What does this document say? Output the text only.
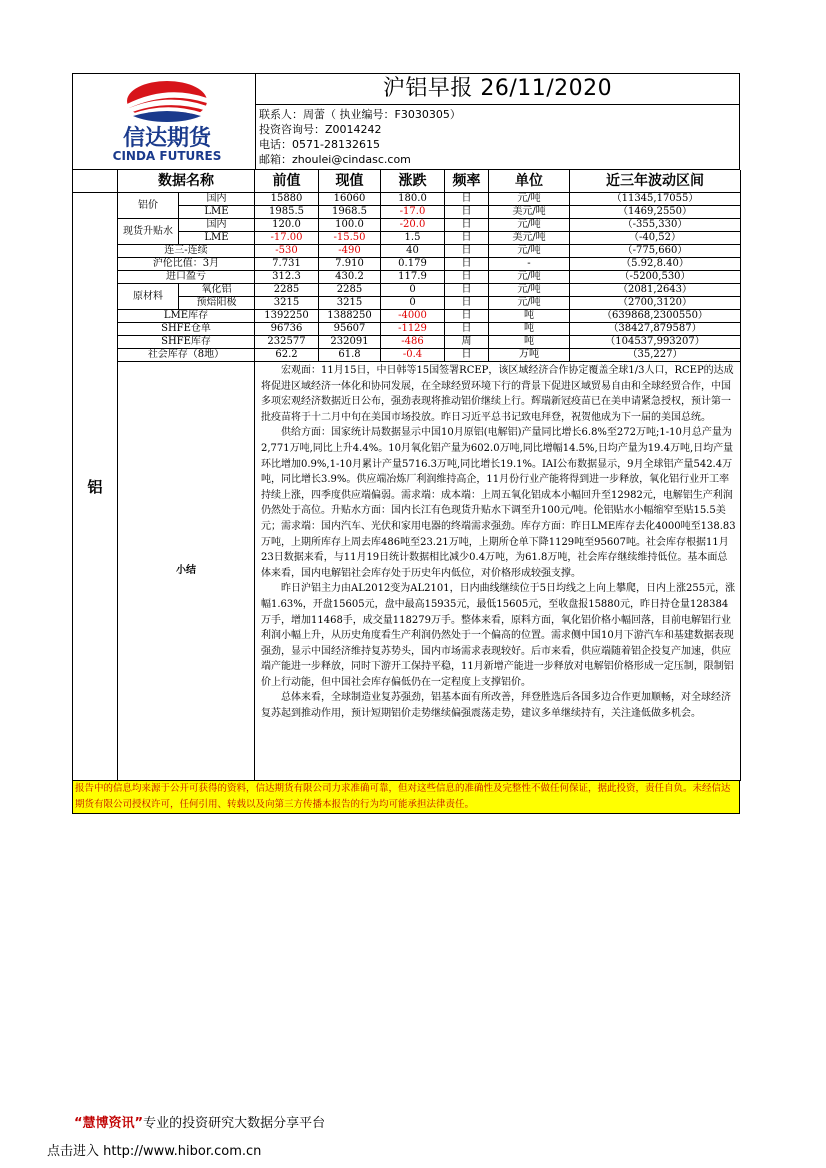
信达期货
CINDA FUTURES
沪铝早报 26/11/2020
联系人：周蕾（ 执业编号：F3030305）
投资咨询号：Z0014242
电话：0571-28132615
邮箱：zhoulei@cindasc.com
	数据名称		前值	现值	涨跌	频率	单位	近三年波动区间
铝	铝价	国内	15880	16060	180.0	日	元/吨	（11345,17055）
		LME	1985.5	1968.5	-17.0	日	美元/吨	（1469,2550）
	现货升贴水	国内	120.0	100.0	-20.0	日	元/吨	（-355,330）
		LME	-17.00	-15.50	1.5	日	美元/吨	（-40,52）
	连三-连续		-530	-490	40	日	元/吨	（-775,660）
	沪伦比值：3月		7.731	7.910	0.179	日	-	（5.92,8.40）
	进口盈亏		312.3	430.2	117.9	日	元/吨	（-5200,530）
	原材料	氧化铝	2285	2285	0	日	元/吨	（2081,2643）
		预焙阳极	3215	3215	0	日	元/吨	（2700,3120）
	LME库存		1392250	1388250	-4000	日	吨	（639868,2300550）
	SHFE仓单		96736	95607	-1129	日	吨	（38427,879587）
	SHFE库存		232577	232091	-486	周	吨	（104537,993207）
	社会库存（8地）		62.2	61.8	-0.4	日	万吨	（35,227）
	小结		宏观面：11月15日，中日韩等15国签署RCEP，该区域经济合作协定覆盖全球1/3人口，RCEP的达成将促进区域经济一体化和协同发展，在全球经贸环境下行的背景下促进区域贸易自由和全球经贸合作，中国多项宏观经济数据近日公布，强劲表现将推动铝价继续上行。辉瑞新冠疫苗已在美申请紧急授权，预计第一批疫苗将于十二月中旬在美国市场投放。昨日习近平总书记致电拜登，祝贺他成为下一届的美国总统。

供给方面：国家统计局数据显示中国10月原铝(电解铝)产量同比增长6.8%至272万吨;1-10月总产量为2,771万吨,同比上升4.4%。10月氧化铝产量为602.0万吨,同比增幅14.5%,日均产量为19.4万吨,日均产量环比增加0.9%,1-10月累计产量5716.3万吨,同比增长19.1%。IAI公布数据显示，9月全球铝产量542.4万吨，同比增长3.9%。供应端冶炼厂利润维持高企，11月份行业产能将得到进一步释放，氧化铝行业开工率持续上涨，四季度供应端偏弱。需求端：成本端：上周五氧化铝成本小幅回升至12982元，电解铝生产利润仍然处于高位。升贴水方面：国内长江有色现货升贴水下调至升100元/吨。伦铝贴水小幅缩窄至贴15.5美元；需求端：国内汽车、光伏和家用电器的终端需求强劲。库存方面：昨日LME库存去化4000吨至138.83万吨，上期所库存上周去库486吨至23.21万吨，上期所仓单下降1129吨至95607吨。社会库存根据11月23日数据来看，与11月19日统计数据相比减少0.4万吨，为61.8万吨，社会库存继续维持低位。基本面总体来看，国内电解铝社会库存处于历史年内低位，对价格形成较强支撑。

昨日沪铝主力由AL2012变为AL2101，日内曲线继续位于5日均线之上向上攀爬，日内上涨255元，涨幅1.63%，开盘15605元，盘中最高15935元，最低15605元，至收盘报15880元，昨日持仓量128384万手，增加11468手，成交量118279万手。整体来看，原料方面，氧化铝价格小幅回落，目前电解铝行业利润小幅上升，从历史角度看生产利润仍然处于一个偏高的位置。需求侧中国10月下游汽车和基建数据表现强劲，显示中国经济维持复苏势头，国内市场需求表现较好。后市来看，供应端随着铝企投复产加速，供应端产能进一步释放，同时下游开工保持平稳，11月新增产能进一步释放对电解铝价格形成一定压制，限制铝价上行动能，但中国社会库存偏低仍在一定程度上支撑铝价。

总体来看，全球制造业复苏强劲，铝基本面有所改善，拜登胜选后各国多边合作更加顺畅，对全球经济复苏起到推动作用，预计短期铝价走势继续偏强震荡走势，建议多单继续持有，关注逢低做多机会。					

报告中的信息均来源于公开可获得的资料，信达期货有限公司力求准确可靠，但对这些信息的准确性及完整性不做任何保证，据此投资，责任自负。未经信达期货有限公司授权许可，任何引用、转载以及向第三方传播本报告的行为均可能承担法律责任。
“慧博资讯”专业的投资研究大数据分享平台
点击进入 http://www.hibor.com.cn
